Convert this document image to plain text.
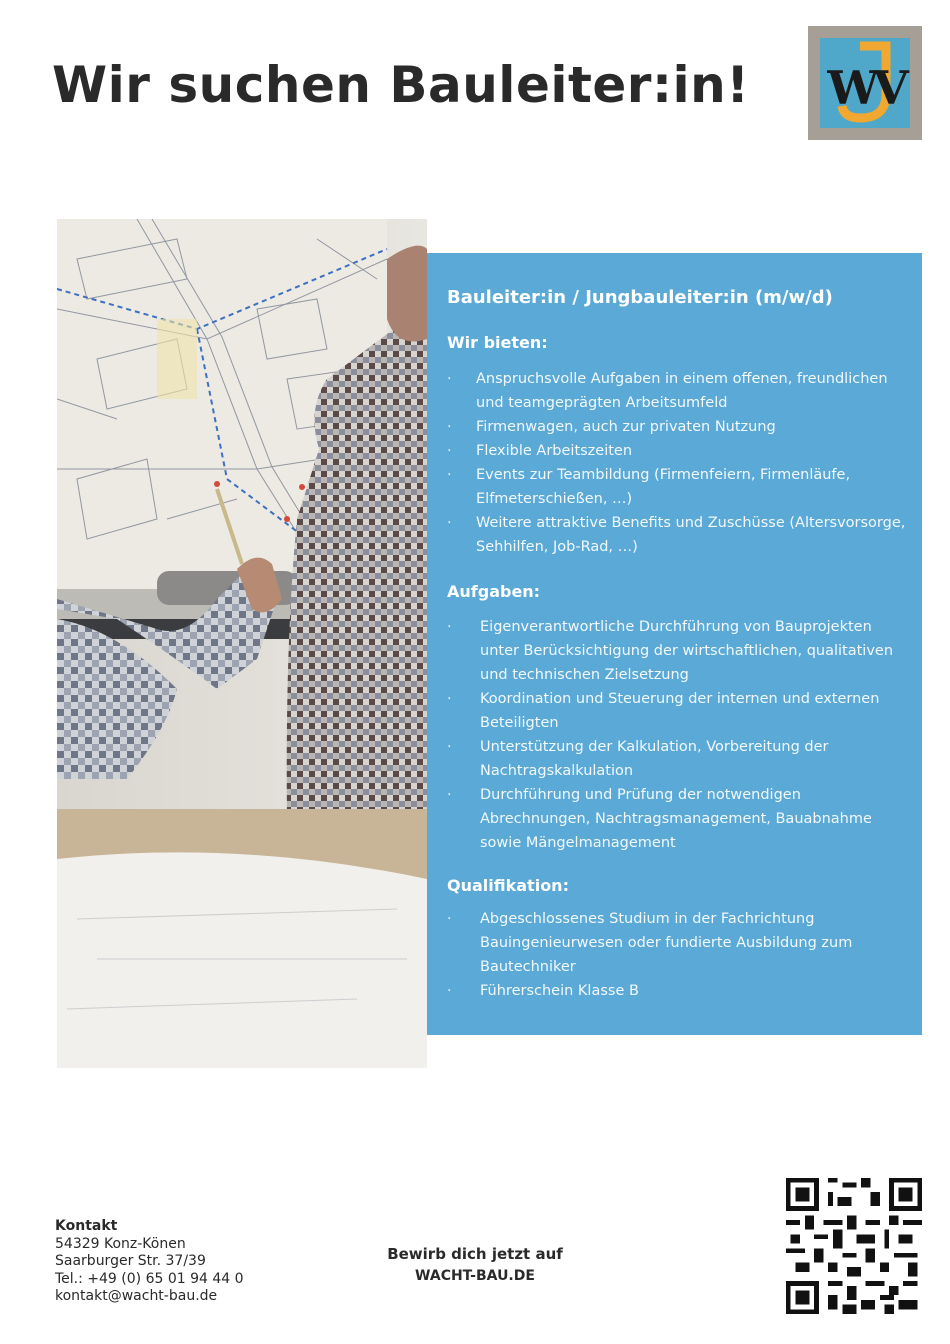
Wir suchen Bauleiter:in! WV
Bauleiter:in / Jungbauleiter:in (m/w/d)
Wir bieten:
· Anspruchsvolle Aufgaben in einem offenen, freundlichen und teamgeprägten Arbeitsumfeld
· Firmenwagen, auch zur privaten Nutzung
· Flexible Arbeitszeiten
· Events zur Teambildung (Firmenfeiern, Firmenläufe, Elfmeterschießen, …)
· Weitere attraktive Benefits und Zuschüsse (Altersvorsorge, Sehhilfen, Job-Rad, …)
Aufgaben:
· Eigenverantwortliche Durchführung von Bauprojekten unter Berücksichtigung der wirtschaftlichen, qualitativen und technischen Zielsetzung
· Koordination und Steuerung der internen und externen Beteiligten
· Unterstützung der Kalkulation, Vorbereitung der Nachtragskalkulation
· Durchführung und Prüfung der notwendigen Abrechnungen, Nachtragsmanagement, Bauabnahme sowie Mängelmanagement
Qualifikation:
· Abgeschlossenes Studium in der Fachrichtung Bauingenieurwesen oder fundierte Ausbildung zum Bautechniker
· Führerschein Klasse B
Kontakt
54329 Konz-Könen
Saarburger Str. 37/39
Tel.: +49 (0) 65 01 94 44 0
kontakt@wacht-bau.de
Bewirb dich jetzt auf
WACHT-BAU.DE
